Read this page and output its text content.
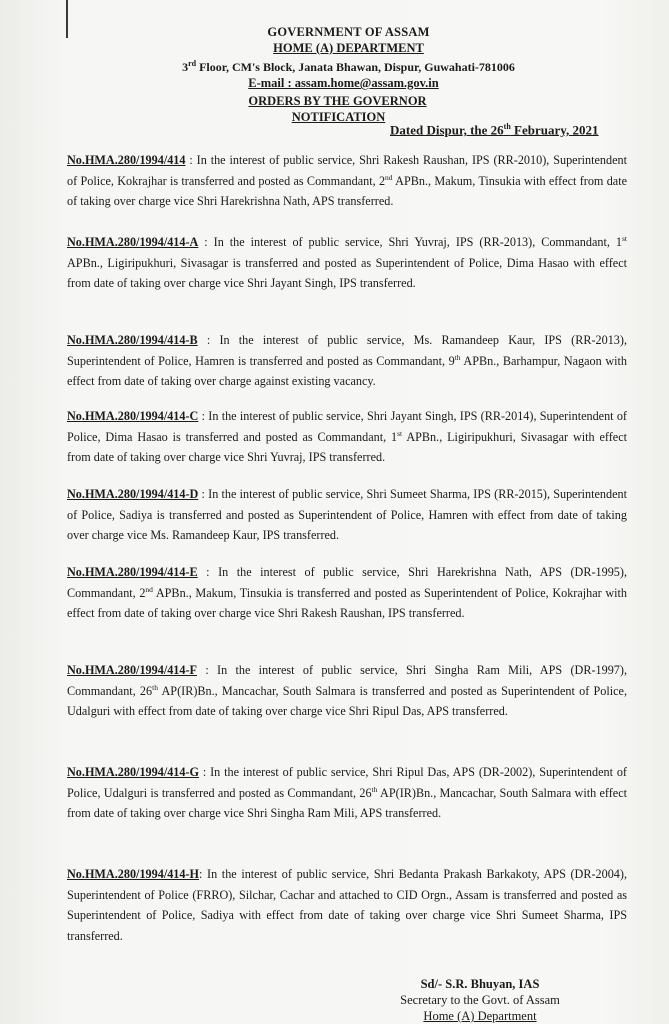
GOVERNMENT OF ASSAM
HOME (A) DEPARTMENT
3rd Floor, CM's Block, Janata Bhawan, Dispur, Guwahati-781006
E-mail : assam.home@assam.gov.in
ORDERS BY THE GOVERNOR
NOTIFICATION
Dated Dispur, the 26th February, 2021
No.HMA.280/1994/414 : In the interest of public service, Shri Rakesh Raushan, IPS (RR-2010), Superintendent of Police, Kokrajhar is transferred and posted as Commandant, 2nd APBn., Makum, Tinsukia with effect from date of taking over charge vice Shri Harekrishna Nath, APS transferred.
No.HMA.280/1994/414-A : In the interest of public service, Shri Yuvraj, IPS (RR-2013), Commandant, 1st APBn., Ligiripukhuri, Sivasagar is transferred and posted as Superintendent of Police, Dima Hasao with effect from date of taking over charge vice Shri Jayant Singh, IPS transferred.
No.HMA.280/1994/414-B : In the interest of public service, Ms. Ramandeep Kaur, IPS (RR-2013), Superintendent of Police, Hamren is transferred and posted as Commandant, 9th APBn., Barhampur, Nagaon with effect from date of taking over charge against existing vacancy.
No.HMA.280/1994/414-C : In the interest of public service, Shri Jayant Singh, IPS (RR-2014), Superintendent of Police, Dima Hasao is transferred and posted as Commandant, 1st APBn., Ligiripukhuri, Sivasagar with effect from date of taking over charge vice Shri Yuvraj, IPS transferred.
No.HMA.280/1994/414-D : In the interest of public service, Shri Sumeet Sharma, IPS (RR-2015), Superintendent of Police, Sadiya is transferred and posted as Superintendent of Police, Hamren with effect from date of taking over charge vice Ms. Ramandeep Kaur, IPS transferred.
No.HMA.280/1994/414-E : In the interest of public service, Shri Harekrishna Nath, APS (DR-1995), Commandant, 2nd APBn., Makum, Tinsukia is transferred and posted as Superintendent of Police, Kokrajhar with effect from date of taking over charge vice Shri Rakesh Raushan, IPS transferred.
No.HMA.280/1994/414-F : In the interest of public service, Shri Singha Ram Mili, APS (DR-1997), Commandant, 26th AP(IR)Bn., Mancachar, South Salmara is transferred and posted as Superintendent of Police, Udalguri with effect from date of taking over charge vice Shri Ripul Das, APS transferred.
No.HMA.280/1994/414-G : In the interest of public service, Shri Ripul Das, APS (DR-2002), Superintendent of Police, Udalguri is transferred and posted as Commandant, 26th AP(IR)Bn., Mancachar, South Salmara with effect from date of taking over charge vice Shri Singha Ram Mili, APS transferred.
No.HMA.280/1994/414-H: In the interest of public service, Shri Bedanta Prakash Barkakoty, APS (DR-2004), Superintendent of Police (FRRO), Silchar, Cachar and attached to CID Orgn., Assam is transferred and posted as Superintendent of Police, Sadiya with effect from date of taking over charge vice Shri Sumeet Sharma, IPS transferred.
Sd/- S.R. Bhuyan, IAS
Secretary to the Govt. of Assam
Home (A) Department
